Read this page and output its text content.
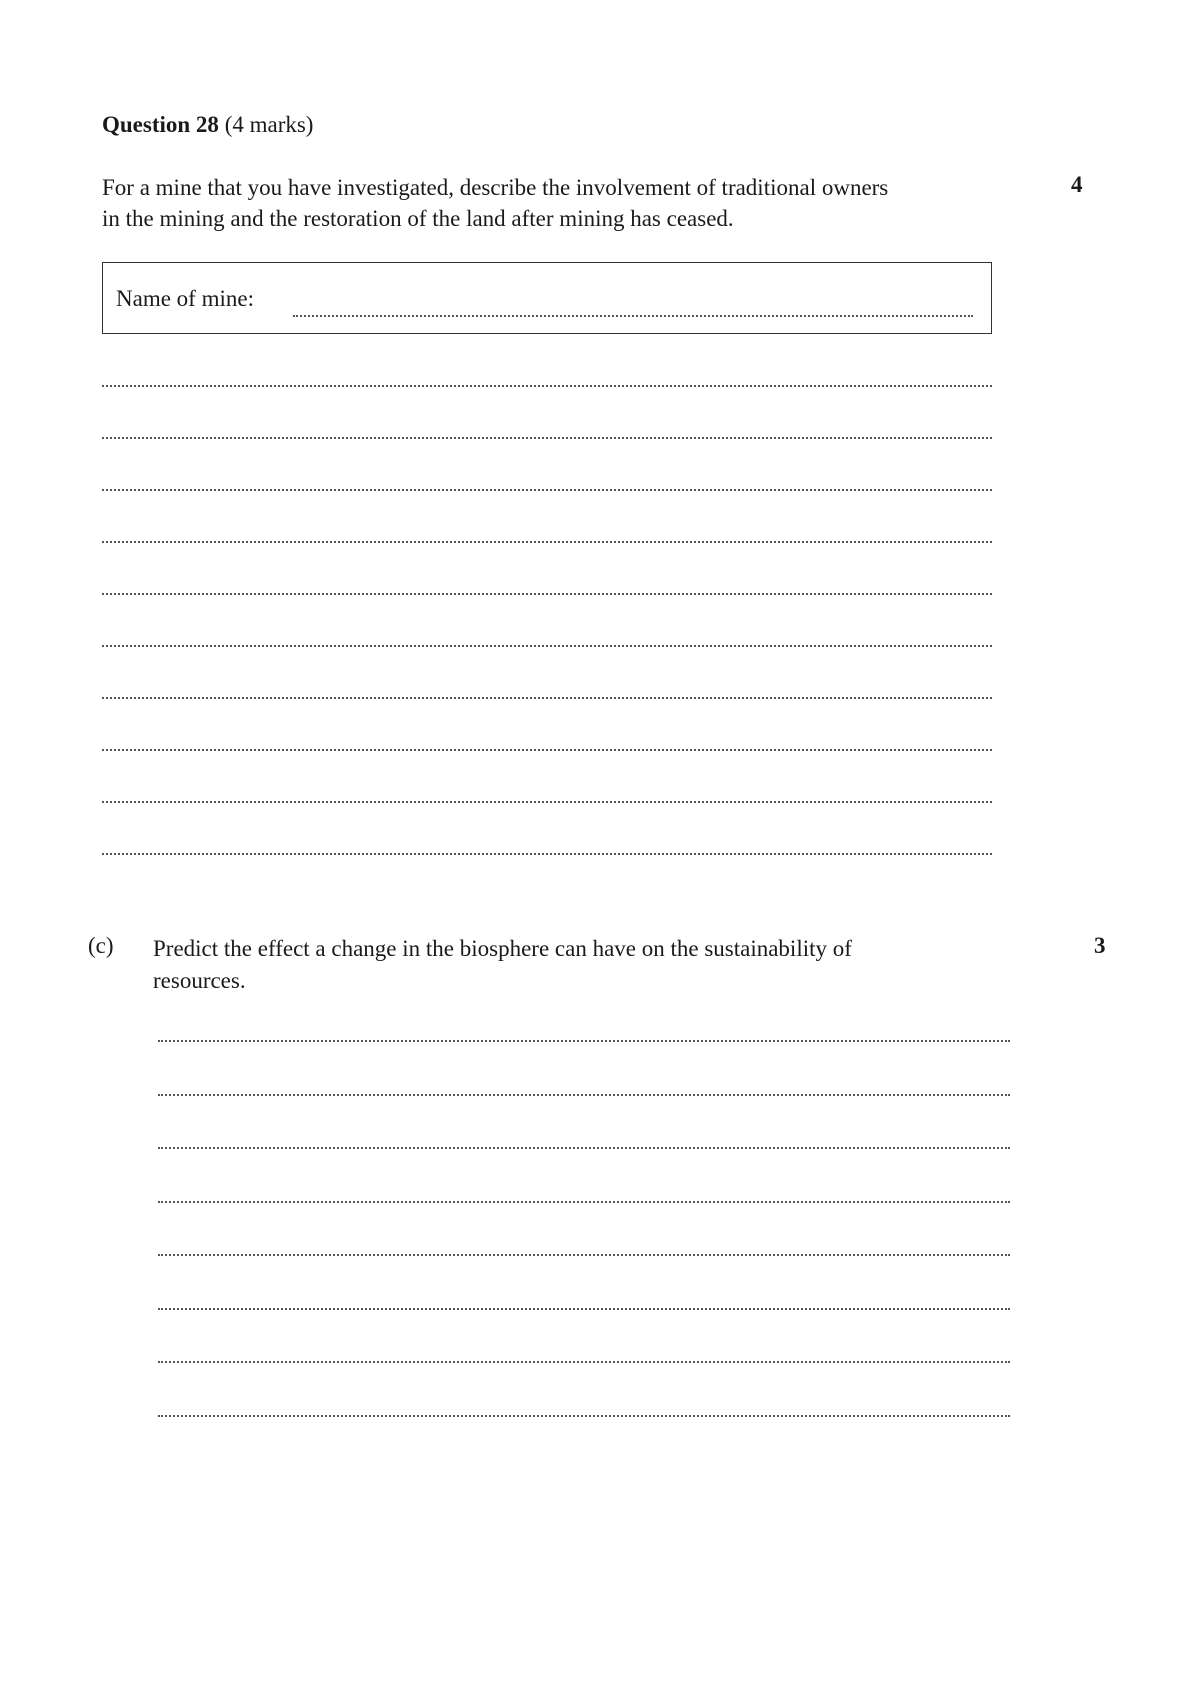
Question 28 (4 marks)
For a mine that you have investigated, describe the involvement of traditional owners
in the mining and the restoration of the land after mining has ceased.
4
Name of mine:
(c) Predict the effect a change in the biosphere can have on the sustainability of
resources.
3
